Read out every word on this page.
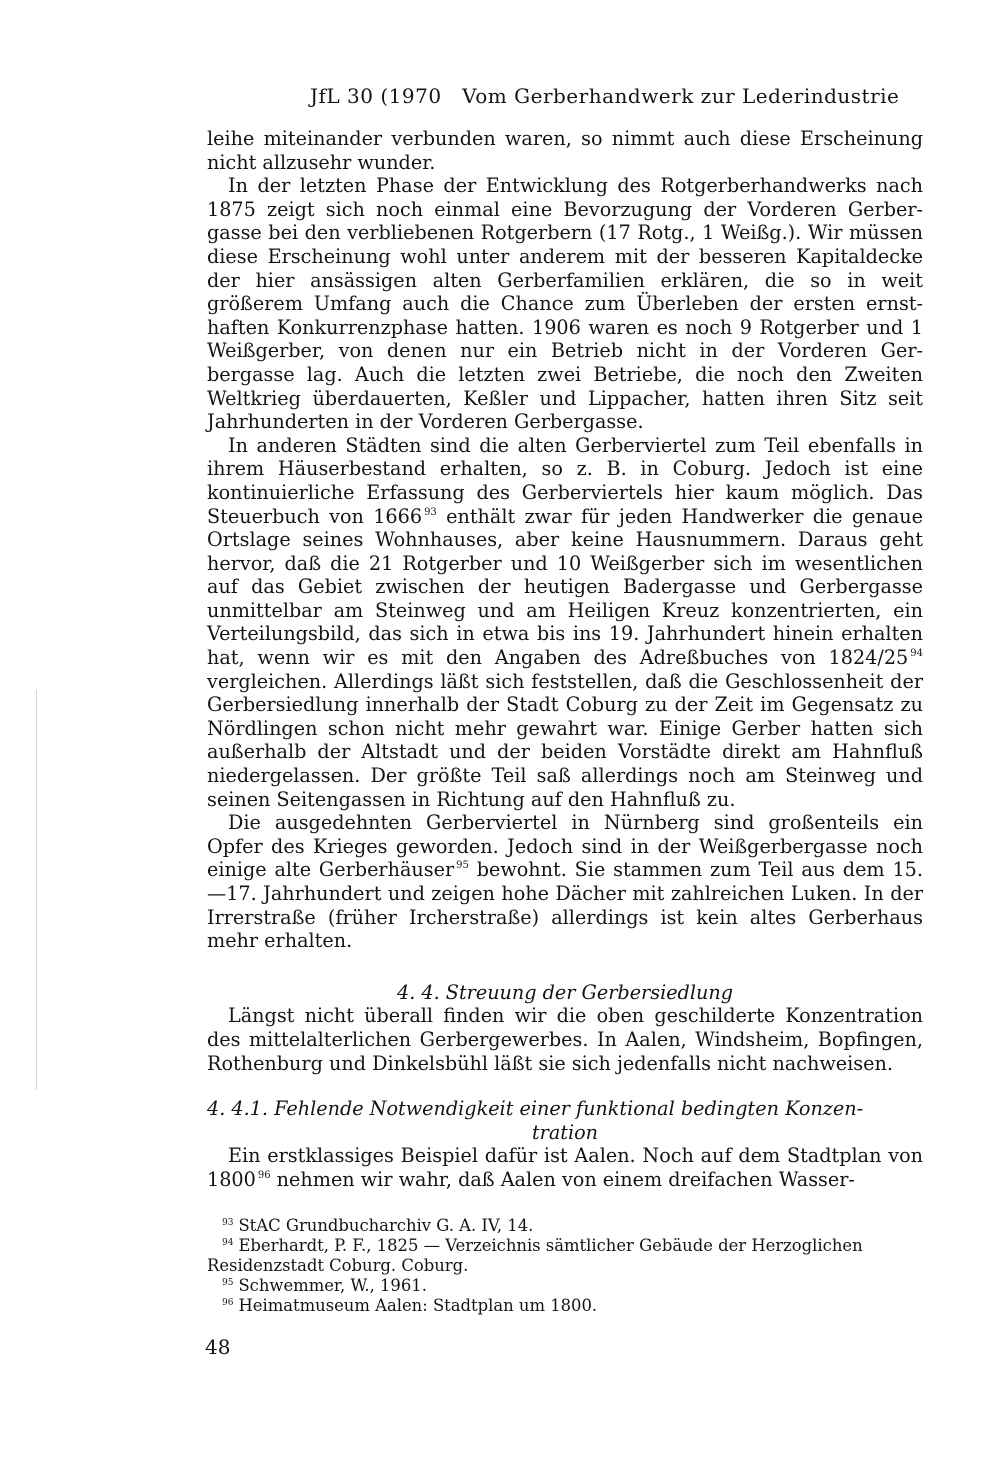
JfL 30 (1970 Vom Gerberhandwerk zur Lederindustrie

leihe miteinander verbunden waren, so nimmt auch diese Erscheinung nicht allzusehr wunder.

In der letzten Phase der Entwicklung des Rotgerberhandwerks nach 1875 zeigt sich noch einmal eine Bevorzugung der Vorderen Gerbergasse bei den verbliebenen Rotgerbern (17 Rotg., 1 Weißg.). Wir müssen diese Erscheinung wohl unter anderem mit der besseren Kapitaldecke der hier ansässigen alten Gerberfamilien erklären, die so in weit größerem Umfang auch die Chance zum Überleben der ersten ernsthaften Konkurrenzphase hatten. 1906 waren es noch 9 Rotgerber und 1 Weißgerber, von denen nur ein Betrieb nicht in der Vorderen Gerbergasse lag. Auch die letzten zwei Betriebe, die noch den Zweiten Weltkrieg überdauerten, Keßler und Lippacher, hatten ihren Sitz seit Jahrhunderten in der Vorderen Gerbergasse.

In anderen Städten sind die alten Gerberviertel zum Teil ebenfalls in ihrem Häuserbestand erhalten, so z. B. in Coburg. Jedoch ist eine kontinuierliche Erfassung des Gerberviertels hier kaum möglich. Das Steuerbuch von 1666 $^{93}$ enthält zwar für jeden Handwerker die genaue Ortslage seines Wohnhauses, aber keine Hausnummern. Daraus geht hervor, daß die 21 Rotgerber und 10 Weißgerber sich im wesentlichen auf das Gebiet zwischen der heutigen Badergasse und Gerbergasse unmittelbar am Steinweg und am Heiligen Kreuz konzentrierten, ein Verteilungsbild, das sich in etwa bis ins 19. Jahrhundert hinein erhalten hat, wenn wir es mit den Angaben des Adreßbuches von 1824/25 $^{94}$ vergleichen. Allerdings läßt sich feststellen, daß die Geschlossenheit der Gerbersiedlung innerhalb der Stadt Coburg zu der Zeit im Gegensatz zu Nördlingen schon nicht mehr gewahrt war. Einige Gerber hatten sich außerhalb der Altstadt und der beiden Vorstädte direkt am Hahnfluß niedergelassen. Der größte Teil saß allerdings noch am Steinweg und seinen Seitengassen in Richtung auf den Hahnfluß zu.

Die ausgedehnten Gerberviertel in Nürnberg sind großenteils ein Opfer des Krieges geworden. Jedoch sind in der Weißgerbergasse noch einige alte Gerberhäuser $^{95}$ bewohnt. Sie stammen zum Teil aus dem 15.—17. Jahrhundert und zeigen hohe Dächer mit zahlreichen Luken. In der Irrerstraße (früher Ircherstraße) allerdings ist kein altes Gerberhaus mehr erhalten.

4. 4. Streuung der Gerbersiedlung

Längst nicht überall finden wir die oben geschilderte Konzentration des mittelalterlichen Gerbergewerbes. In Aalen, Windsheim, Bopfingen, Rothenburg und Dinkelsbühl läßt sie sich jedenfalls nicht nachweisen.

4. 4.1. Fehlende Notwendigkeit einer funktional bedingten Konzen-
tration

Ein erstklassiges Beispiel dafür ist Aalen. Noch auf dem Stadtplan von 1800 $^{96}$ nehmen wir wahr, daß Aalen von einem dreifachen Wasser-

$^{93}$ StAC Grundbucharchiv G. A. IV, 14.

$^{94}$ Eberhardt, P. F., 1825 — Verzeichnis sämtlicher Gebäude der Herzoglichen Residenzstadt Coburg. Coburg.

$^{95}$ Schwemmer, W., 1961.

$^{96}$ Heimatmuseum Aalen: Stadtplan um 1800.

48
